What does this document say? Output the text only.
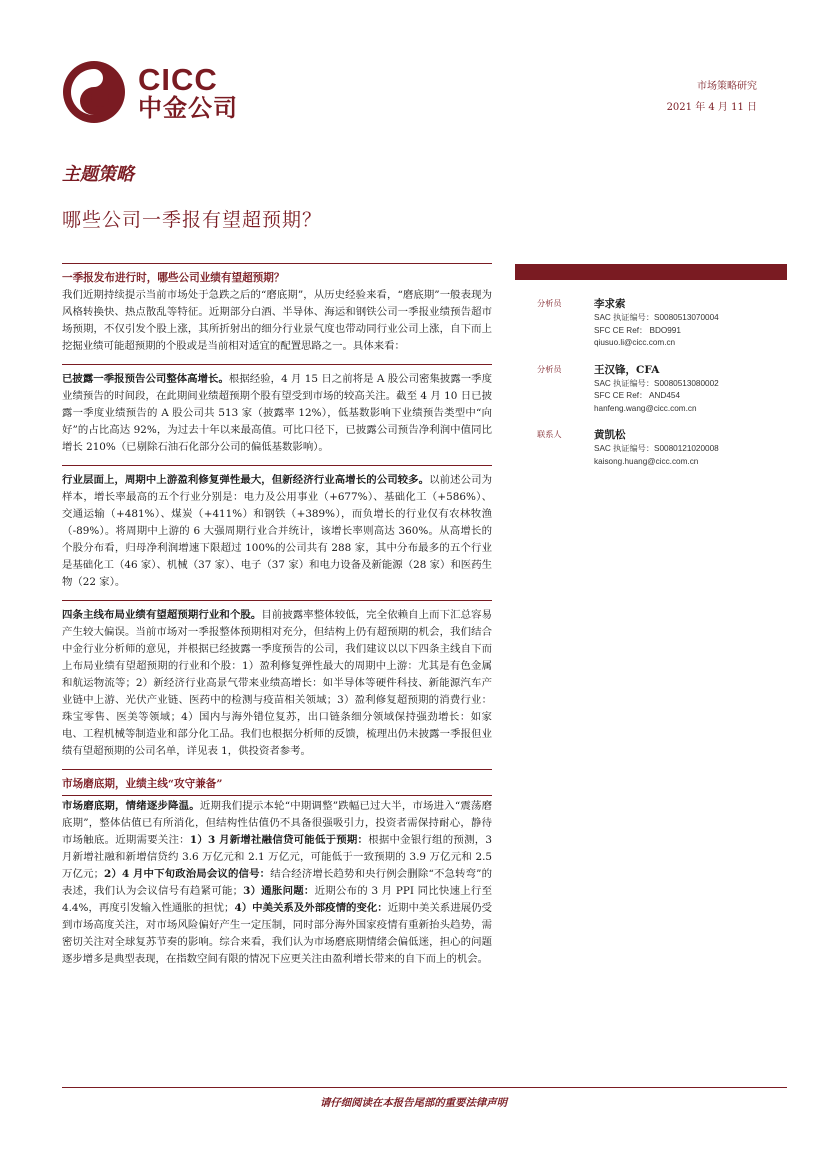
CICC
中金公司
市场策略研究
2021 年 4 月 11 日
主题策略
哪些公司一季报有望超预期？
一季报发布进行时，哪些公司业绩有望超预期？

我们近期持续提示当前市场处于急跌之后的“磨底期”，从历史经验来看，“磨底期”一般表现为风格转换快、热点散乱等特征。近期部分白酒、半导体、海运和钢铁公司一季报业绩预告超市场预期，不仅引发个股上涨，其所折射出的细分行业景气度也带动同行业公司上涨，自下而上挖掘业绩可能超预期的个股或是当前相对适宜的配置思路之一。具体来看：

已披露一季报预告公司整体高增长。根据经验，4 月 15 日之前将是 A 股公司密集披露一季度业绩预告的时间段，在此期间业绩超预期个股有望受到市场的较高关注。截至 4 月 10 日已披露一季度业绩预告的 A 股公司共 513 家（披露率 12%），低基数影响下业绩预告类型中“向好”的占比高达 92%，为过去十年以来最高值。可比口径下，已披露公司预告净利润中值同比增长 210%（已剔除石油石化部分公司的偏低基数影响）。

行业层面上，周期中上游盈利修复弹性最大，但新经济行业高增长的公司较多。以前述公司为样本，增长率最高的五个行业分别是：电力及公用事业（+677%）、基础化工（+586%）、交通运输（+481%）、煤炭（+411%）和钢铁（+389%），而负增长的行业仅有农林牧渔（-89%）。将周期中上游的 6 大强周期行业合并统计，该增长率则高达 360%。从高增长的个股分布看，归母净利润增速下限超过 100%的公司共有 288 家，其中分布最多的五个行业是基础化工（46 家）、机械（37 家）、电子（37 家）和电力设备及新能源（28 家）和医药生物（22 家）。

四条主线布局业绩有望超预期行业和个股。目前披露率整体较低，完全依赖自上而下汇总容易产生较大偏误。当前市场对一季报整体预期相对充分，但结构上仍有超预期的机会，我们结合中金行业分析师的意见，并根据已经披露一季度预告的公司，我们建议以以下四条主线自下而上布局业绩有望超预期的行业和个股：1）盈利修复弹性最大的周期中上游：尤其是有色金属和航运物流等；2）新经济行业高景气带来业绩高增长：如半导体等硬件科技、新能源汽车产业链中上游、光伏产业链、医药中的检测与疫苗相关领域；3）盈利修复超预期的消费行业：珠宝零售、医美等领域；4）国内与海外错位复苏，出口链条细分领域保持强劲增长：如家电、工程机械等制造业和部分化工品。我们也根据分析师的反馈，梳理出仍未披露一季报但业绩有望超预期的公司名单，详见表 1，供投资者参考。

市场磨底期，业绩主线“攻守兼备”

市场磨底期，情绪逐步降温。近期我们提示本轮“中期调整”跌幅已过大半，市场进入“震荡磨底期”，整体估值已有所消化，但结构性估值仍不具备很强吸引力，投资者需保持耐心，静待市场触底。近期需要关注：1）3 月新增社融信贷可能低于预期：根据中金银行组的预测，3 月新增社融和新增信贷约 3.6 万亿元和 2.1 万亿元，可能低于一致预期的 3.9 万亿元和 2.5 万亿元；2）4 月中下旬政治局会议的信号：结合经济增长趋势和央行例会删除“不急转弯”的表述，我们认为会议信号有趋紧可能；3）通胀问题：近期公布的 3 月 PPI 同比快速上行至 4.4%，再度引发输入性通胀的担忧；4）中美关系及外部疫情的变化：近期中美关系进展仍受到市场高度关注，对市场风险偏好产生一定压制，同时部分海外国家疫情有重新抬头趋势，需密切关注对全球复苏节奏的影响。综合来看，我们认为市场磨底期情绪会偏低迷，担心的问题逐步增多是典型表现，在指数空间有限的情况下应更关注由盈利增长带来的自下而上的机会。

分析员	李求索
SAC 执证编号：S0080513070004
SFC CE Ref： BDO991
qiusuo.li@cicc.com.cn
分析员	王汉锋，CFA
SAC 执证编号：S0080513080002
SFC CE Ref： AND454
hanfeng.wang@cicc.com.cn
联系人	黄凯松
SAC 执证编号：S0080121020008
kaisong.huang@cicc.com.cn
请仔细阅读在本报告尾部的重要法律声明
